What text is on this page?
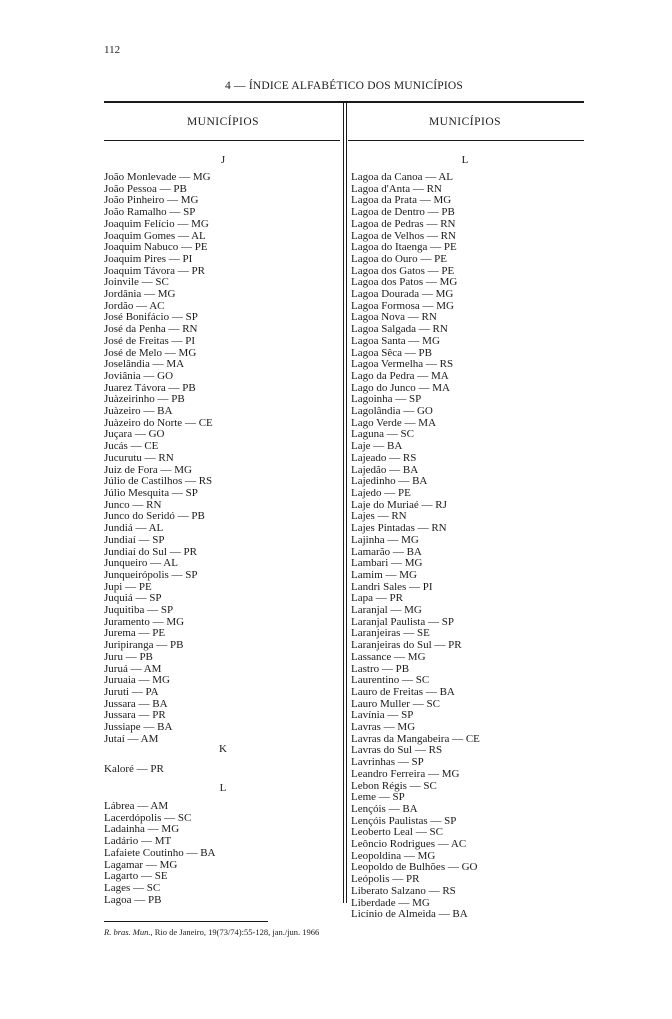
112
4 — ÍNDICE ALFABÉTICO DOS MUNICÍPIOS
MUNICÍPIOS	MUNICÍPIOS
J
João Monlevade — MG
João Pessoa — PB
João Pinheiro — MG
João Ramalho — SP
Joaquim Felício — MG
Joaquim Gomes — AL
Joaquim Nabuco — PE
Joaquim Pires — PI
Joaquim Távora — PR
Joinvile — SC
Jordânia — MG
Jordão — AC
José Bonifácio — SP
José da Penha — RN
José de Freitas — PI
José de Melo — MG
Joselândia — MA
Joviânia — GO
Juarez Távora — PB
Juàzeirinho — PB
Juàzeiro — BA
Juàzeiro do Norte — CE
Juçara — GO
Jucás — CE
Jucurutu — RN
Juiz de Fora — MG
Júlio de Castilhos — RS
Júlio Mesquita — SP
Junco — RN
Junco do Seridó — PB
Jundiá — AL
Jundiaí — SP
Jundiaí do Sul — PR
Junqueiro — AL
Junqueirópolis — SP
Jupi — PE
Juquiá — SP
Juquitiba — SP
Juramento — MG
Jurema — PE
Juripiranga — PB
Juru — PB
Juruá — AM
Juruaia — MG
Juruti — PA
Jussara — BA
Jussara — PR
Jussiape — BA
Jutaí — AM
K
Kaloré — PR
L
Lábrea — AM
Lacerdópolis — SC
Ladainha — MG
Ladário — MT
Lafaiete Coutinho — BA
Lagamar — MG
Lagarto — SE
Lages — SC
Lagoa — PB
L
Lagoa da Canoa — AL
Lagoa d'Anta — RN
Lagoa da Prata — MG
Lagoa de Dentro — PB
Lagoa de Pedras — RN
Lagoa de Velhos — RN
Lagoa do Itaenga — PE
Lagoa do Ouro — PE
Lagoa dos Gatos — PE
Lagoa dos Patos — MG
Lagoa Dourada — MG
Lagoa Formosa — MG
Lagoa Nova — RN
Lagoa Salgada — RN
Lagoa Santa — MG
Lagoa Sêca — PB
Lagoa Vermelha — RS
Lago da Pedra — MA
Lago do Junco — MA
Lagoinha — SP
Lagolândia — GO
Lago Verde — MA
Laguna — SC
Laje — BA
Lajeado — RS
Lajedão — BA
Lajedinho — BA
Lajedo — PE
Laje do Muriaé — RJ
Lajes — RN
Lajes Pintadas — RN
Lajinha — MG
Lamarão — BA
Lambari — MG
Lamim — MG
Landri Sales — PI
Lapa — PR
Laranjal — MG
Laranjal Paulista — SP
Laranjeiras — SE
Laranjeiras do Sul — PR
Lassance — MG
Lastro — PB
Laurentino — SC
Lauro de Freitas — BA
Lauro Muller — SC
Lavínia — SP
Lavras — MG
Lavras da Mangabeira — CE
Lavras do Sul — RS
Lavrinhas — SP
Leandro Ferreira — MG
Lebon Régis — SC
Leme — SP
Lençóis — BA
Lençóis Paulistas — SP
Leoberto Leal — SC
Leôncio Rodrigues — AC
Leopoldina — MG
Leopoldo de Bulhões — GO
Leópolis — PR
Liberato Salzano — RS
Liberdade — MG
Licínio de Almeida — BA
R. bras. Mun., Rio de Janeiro, 19(73/74):55-128, jan./jun. 1966
